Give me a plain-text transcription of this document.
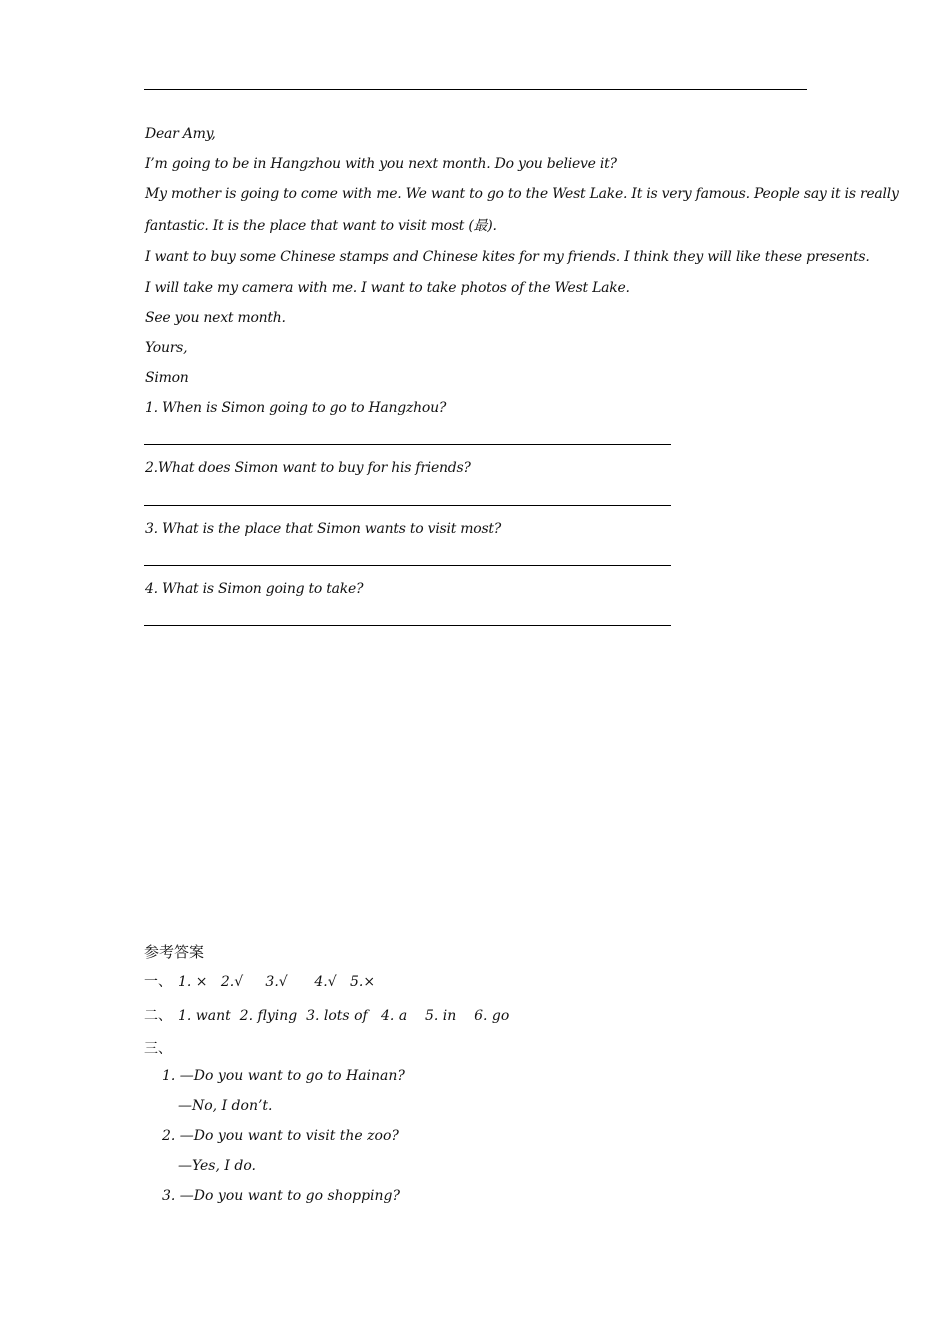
Dear Amy,
I’m going to be in Hangzhou with you next month. Do you believe it?
My mother is going to come with me. We want to go to the West Lake. It is very famous. People say it is really
fantastic. It is the place that want to visit most (最).
I want to buy some Chinese stamps and Chinese kites for my friends. I think they will like these presents.
I will take my camera with me. I want to take photos of the West Lake.
See you next month.
Yours,
Simon
1. When is Simon going to go to Hangzhou?
2.What does Simon want to buy for his friends?
3. What is the place that Simon wants to visit most?
4. What is Simon going to take?
参考答案
一、 1. ×   2.√     3.√      4.√   5.×
二、 1. want  2. flying  3. lots of   4. a    5. in    6. go
三、
1. —Do you want to go to Hainan?
—No, I don’t.
2. —Do you want to visit the zoo?
—Yes, I do.
3. —Do you want to go shopping?
